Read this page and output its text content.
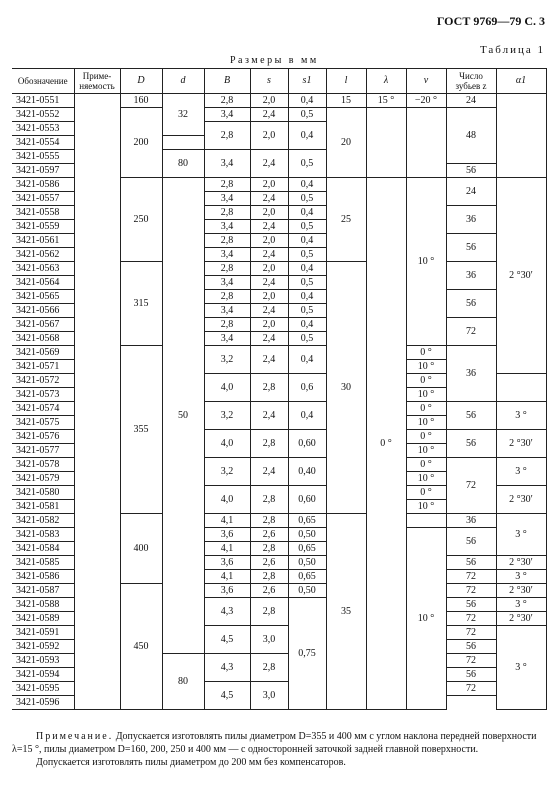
ГОСТ 9769—79 С. 3
Таблица 1
Размеры в мм
Обозначение	Приме-няемость	D	d	B	s	s1	l	λ	ν	Число зубьев z	α1
3421-0551		160	32	2,8	2,0	0,4	15	15 °	−20 °	24	
3421-0552		200		3,4	2,4	0,5	20			48	
3421-0553				2,8	2,0	0,4					
3421-0554											
3421-0555			80	3,4	2,4	0,5					
3421-0597										56	
3421-0586		250	50	2,8	2,0	0,4	25	0 °	10 °	24	2 °30′
3421-0557				3,4	2,4	0,5					
3421-0558				2,8	2,0	0,4				36	
3421-0559				3,4	2,4	0,5					
3421-0561				2,8	2,0	0,4				56	
3421-0562				3,4	2,4	0,5					
3421-0563		315		2,8	2,0	0,4	30			36	
3421-0564				3,4	2,4	0,5					
3421-0565				2,8	2,0	0,4				56	
3421-0566				3,4	2,4	0,5					
3421-0567				2,8	2,0	0,4				72	
3421-0568				3,4	2,4	0,5					
3421-0569		355		3,2	2,4	0,4			0 °	36	
3421-0571									10 °		
3421-0572				4,0	2,8	0,6			0 °		
3421-0573									10 °		
3421-0574				3,2	2,4	0,4			0 °	56	3 °
3421-0575									10 °		
3421-0576				4,0	2,8	0,60			0 °	56	2 °30′
3421-0577									10 °		
3421-0578				3,2	2,4	0,40			0 °	72	3 °
3421-0579									10 °		
3421-0580				4,0	2,8	0,60			0 °		2 °30′
3421-0581									10 °		
3421-0582		400		4,1	2,8	0,65	35			36	3 °
3421-0583				3,6	2,6	0,50			10 °	56	
3421-0584				4,1	2,8	0,65					
3421-0585				3,6	2,6	0,50				56	2 °30′
3421-0586				4,1	2,8	0,65				72	3 °
3421-0587		450		3,6	2,6	0,50				72	2 °30′
3421-0588				4,3	2,8	0,75				56	3 °
3421-0589										72	2 °30′
3421-0591				4,5	3,0					72	3 °
3421-0592										56	
3421-0593			80	4,3	2,8					72	
3421-0594										56	
3421-0595				4,5	3,0					72	
3421-0596											

Примечание. Допускается изготовлять пилы диаметром D=355 и 400 мм с углом наклона передней поверхности λ=15 °, пилы диаметром D=160, 200, 250 и 400 мм — с односторонней заточкой задней главной поверхности.

Допускается изготовлять пилы диаметром до 200 мм без компенсаторов.
